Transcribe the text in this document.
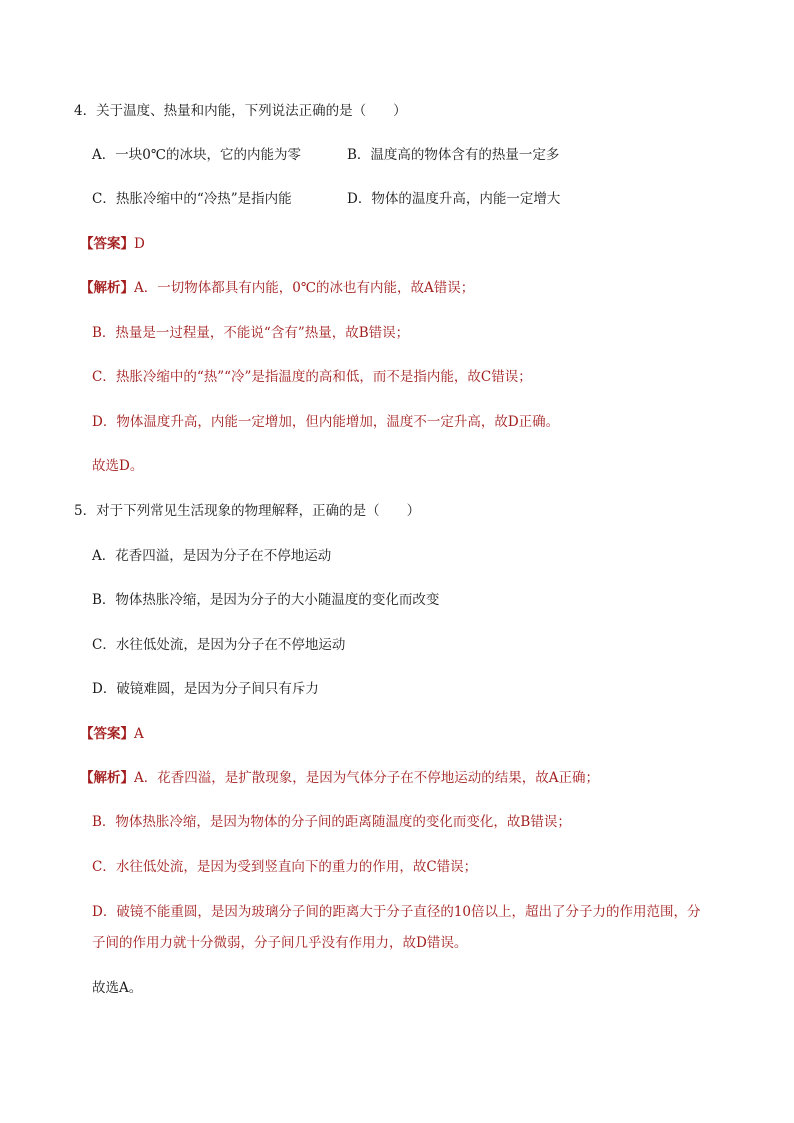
4．关于温度、热量和内能，下列说法正确的是（　　）
A．一块0℃的冰块，它的内能为零	B．温度高的物体含有的热量一定多
C．热胀冷缩中的“冷热”是指内能	D．物体的温度升高，内能一定增大
【答案】D
【解析】A．一切物体都具有内能，0℃的冰也有内能，故A错误；
B．热量是一过程量，不能说“含有”热量，故B错误；
C．热胀冷缩中的“热”“冷”是指温度的高和低，而不是指内能，故C错误；
D．物体温度升高，内能一定增加，但内能增加，温度不一定升高，故D正确。
故选D。
5．对于下列常见生活现象的物理解释，正确的是（　　）
A．花香四溢，是因为分子在不停地运动
B．物体热胀冷缩，是因为分子的大小随温度的变化而改变
C．水往低处流，是因为分子在不停地运动
D．破镜难圆，是因为分子间只有斥力
【答案】A
【解析】A．花香四溢，是扩散现象，是因为气体分子在不停地运动的结果，故A正确；
B．物体热胀冷缩，是因为物体的分子间的距离随温度的变化而变化，故B错误；
C．水往低处流，是因为受到竖直向下的重力的作用，故C错误；
D．破镜不能重圆，是因为玻璃分子间的距离大于分子直径的10倍以上，超出了分子力的作用范围，分
子间的作用力就十分微弱，分子间几乎没有作用力，故D错误。
故选A。
